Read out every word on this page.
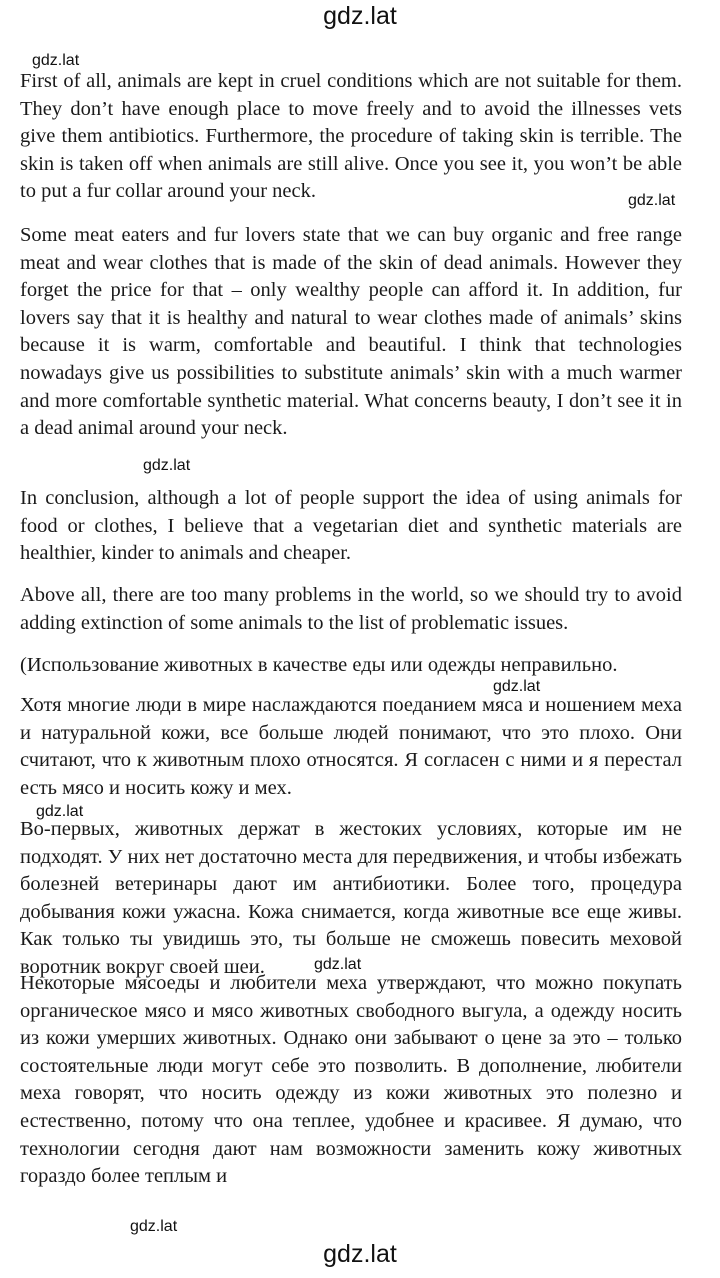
gdz.lat
gdz.lat
gdz.lat
gdz.lat
gdz.lat
gdz.lat
gdz.lat
gdz.lat

First of all, animals are kept in cruel conditions which are not suitable for them. They don’t have enough place to move freely and to avoid the illnesses vets give them antibiotics. Furthermore, the procedure of taking skin is terrible. The skin is taken off when animals are still alive. Once you see it, you won’t be able to put a fur collar around your neck.

Some meat eaters and fur lovers state that we can buy organic and free range meat and wear clothes that is made of the skin of dead animals. However they forget the price for that – only wealthy people can afford it. In addition, fur lovers say that it is healthy and natural to wear clothes made of animals’ skins because it is warm, comfortable and beautiful. I think that technologies nowadays give us possibilities to substitute animals’ skin with a much warmer and more comfortable synthetic material. What concerns beauty, I don’t see it in a dead animal around your neck.

In conclusion, although a lot of people support the idea of using animals for food or clothes, I believe that a vegetarian diet and synthetic materials are healthier, kinder to animals and cheaper.

Above all, there are too many problems in the world, so we should try to avoid adding extinction of some animals to the list of problematic issues.

(Использование животных в качестве еды или одежды неправильно.

Хотя многие люди в мире наслаждаются поеданием мяса и ношением меха и натуральной кожи, все больше людей понимают, что это плохо. Они считают, что к животным плохо относятся. Я согласен с ними и я перестал есть мясо и носить кожу и мех.

Во-первых, животных держат в жестоких условиях, которые им не подходят. У них нет достаточно места для передвижения, и чтобы избежать болезней ветеринары дают им антибиотики. Более того, процедура добывания кожи ужасна. Кожа снимается, когда животные все еще живы. Как только ты увидишь это, ты больше не сможешь повесить меховой воротник вокруг своей шеи.

Некоторые мясоеды и любители меха утверждают, что можно покупать органическое мясо и мясо животных свободного выгула, а одежду носить из кожи умерших животных. Однако они забывают о цене за это – только состоятельные люди могут себе это позволить. В дополнение, любители меха говорят, что носить одежду из кожи животных это полезно и естественно, потому что она теплее, удобнее и красивее. Я думаю, что технологии сегодня дают нам возможности заменить кожу животных гораздо более теплым и

gdz.lat
